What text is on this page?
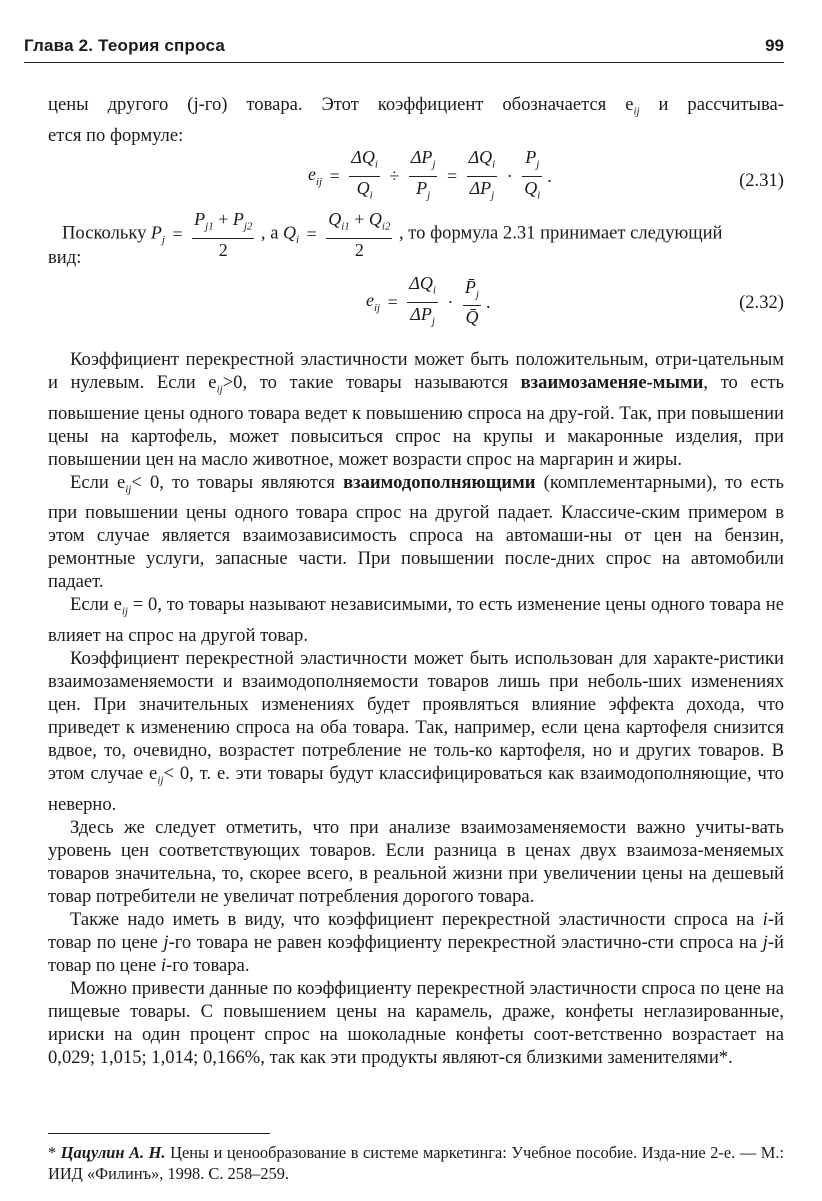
Глава 2. Теория спроса	99
цены другого (j-го) товара. Этот коэффициент обозначается $e_{ij}$ и рассчитыва-
ется по формуле:
$e_{ij} = \frac{\Delta Q_i}{Q_i} \div \frac{\Delta P_j}{P_j} = \frac{\Delta Q_i}{\Delta P_j} \cdot \frac{P_j}{Q_i}$ .	(2.31)
Поскольку $P_j = \frac{P_{j1} + P_{j2}}{2}$ , а $Q_i = \frac{Q_{i1} + Q_{i2}}{2}$ , то формула 2.31 принимает следующий
вид:
$e_{ij} = \frac{\Delta Q_i}{\Delta P_j} \cdot \frac{P̄_j}{Q̄}$ .	(2.32)
Коэффициент перекрестной эластичности может быть положительным, отри-цательным и нулевым. Если $e_{ij}>0$, то такие товары называются взаимозаменяе-мыми, то есть повышение цены одного товара ведет к повышению спроса на дру-гой. Так, при повышении цены на картофель, может повыситься спрос на крупы и макаронные изделия, при повышении цен на масло животное, может возрасти спрос на маргарин и жиры.
Если $e_{ij}< 0$, то товары являются взаимодополняющими (комплементарными), то есть при повышении цены одного товара спрос на другой падает. Классиче-ским примером в этом случае является взаимозависимость спроса на автомаши-ны от цен на бензин, ремонтные услуги, запасные части. При повышении после-дних спрос на автомобили падает.
Если $e_{ij} = 0$, то товары называют независимыми, то есть изменение цены одного товара не влияет на спрос на другой товар.
Коэффициент перекрестной эластичности может быть использован для характе-ристики взаимозаменяемости и взаимодополняемости товаров лишь при неболь-ших изменениях цен. При значительных изменениях будет проявляться влияние эффекта дохода, что приведет к изменению спроса на оба товара. Так, например, если цена картофеля снизится вдвое, то, очевидно, возрастет потребление не толь-ко картофеля, но и других товаров. В этом случае $e_{ij}< 0$, т. е. эти товары будут классифицироваться как взаимодополняющие, что неверно.
Здесь же следует отметить, что при анализе взаимозаменяемости важно учиты-вать уровень цен соответствующих товаров. Если разница в ценах двух взаимоза-меняемых товаров значительна, то, скорее всего, в реальной жизни при увеличении цены на дешевый товар потребители не увеличат потребления дорогого товара.
Также надо иметь в виду, что коэффициент перекрестной эластичности спроса на i-й товар по цене j-го товара не равен коэффициенту перекрестной эластично-сти спроса на j-й товар по цене i-го товара.
Можно привести данные по коэффициенту перекрестной эластичности спроса по цене на пищевые товары. С повышением цены на карамель, драже, конфеты неглазированные, ириски на один процент спрос на шоколадные конфеты соот-ветственно возрастает на 0,029; 1,015; 1,014; 0,166%, так как эти продукты являют-ся близкими заменителями*.
* Цацулин А. Н. Цены и ценообразование в системе маркетинга: Учебное пособие. Изда-ние 2-е. — М.: ИИД «Филинъ», 1998. С. 258–259.
